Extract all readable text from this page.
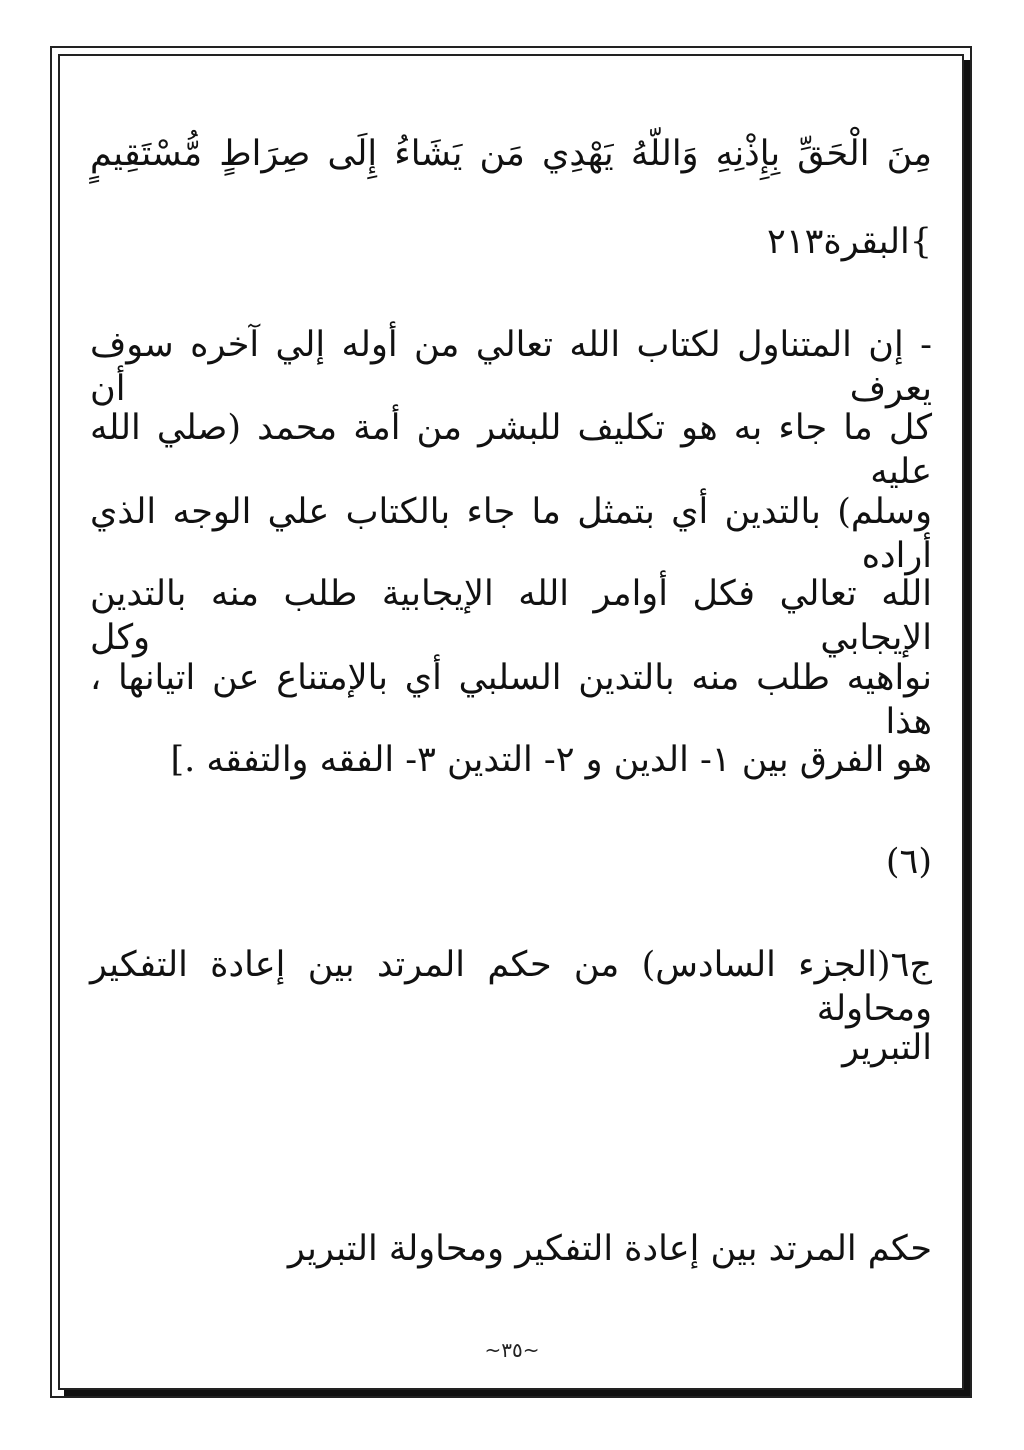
مِنَ الْحَقِّ بِإِذْنِهِ وَاللّهُ يَهْدِي مَن يَشَاءُ إِلَى صِرَاطٍ مُّسْتَقِيمٍ
}البقرة٢١٣
- إن المتناول لكتاب الله تعالي من أوله إلي آخره سوف يعرف أن
كل ما جاء به هو تكليف للبشر من أمة محمد (صلي الله عليه
وسلم) بالتدين أي بتمثل ما جاء بالكتاب علي الوجه الذي أراده
الله تعالي فكل أوامر الله الإيجابية طلب منه بالتدين الإيجابي وكل
نواهيه طلب منه بالتدين السلبي أي بالإمتناع عن اتيانها ، هذا
هو الفرق بين ١- الدين و ٢- التدين ٣- الفقه والتفقه .]
(٦)
ج٦(الجزء السادس) من حكم المرتد بين إعادة التفكير ومحاولة
التبرير
حكم المرتد بين إعادة التفكير ومحاولة التبرير
~٣٥~
